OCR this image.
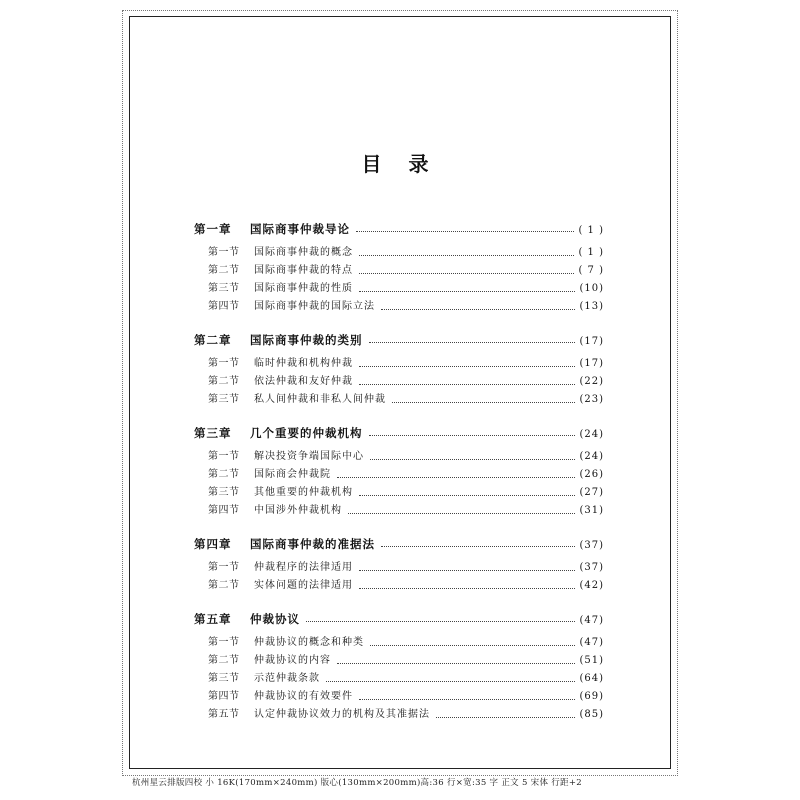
目 录
第一章	国际商事仲裁导论	( 1 )
第一节	国际商事仲裁的概念	( 1 )
第二节	国际商事仲裁的特点	( 7 )
第三节	国际商事仲裁的性质	(10)
第四节	国际商事仲裁的国际立法	(13)
第二章	国际商事仲裁的类别	(17)
第一节	临时仲裁和机构仲裁	(17)
第二节	依法仲裁和友好仲裁	(22)
第三节	私人间仲裁和非私人间仲裁	(23)
第三章	几个重要的仲裁机构	(24)
第一节	解决投资争端国际中心	(24)
第二节	国际商会仲裁院	(26)
第三节	其他重要的仲裁机构	(27)
第四节	中国涉外仲裁机构	(31)
第四章	国际商事仲裁的准据法	(37)
第一节	仲裁程序的法律适用	(37)
第二节	实体问题的法律适用	(42)
第五章	仲裁协议	(47)
第一节	仲裁协议的概念和种类	(47)
第二节	仲裁协议的内容	(51)
第三节	示范仲裁条款	(64)
第四节	仲裁协议的有效要件	(69)
第五节	认定仲裁协议效力的机构及其准据法	(85)
杭州星云排版四校 小 16K(170mm×240mm) 版心(130mm×200mm)高:36 行×宽:35 字 正文 5 宋体 行距+2
